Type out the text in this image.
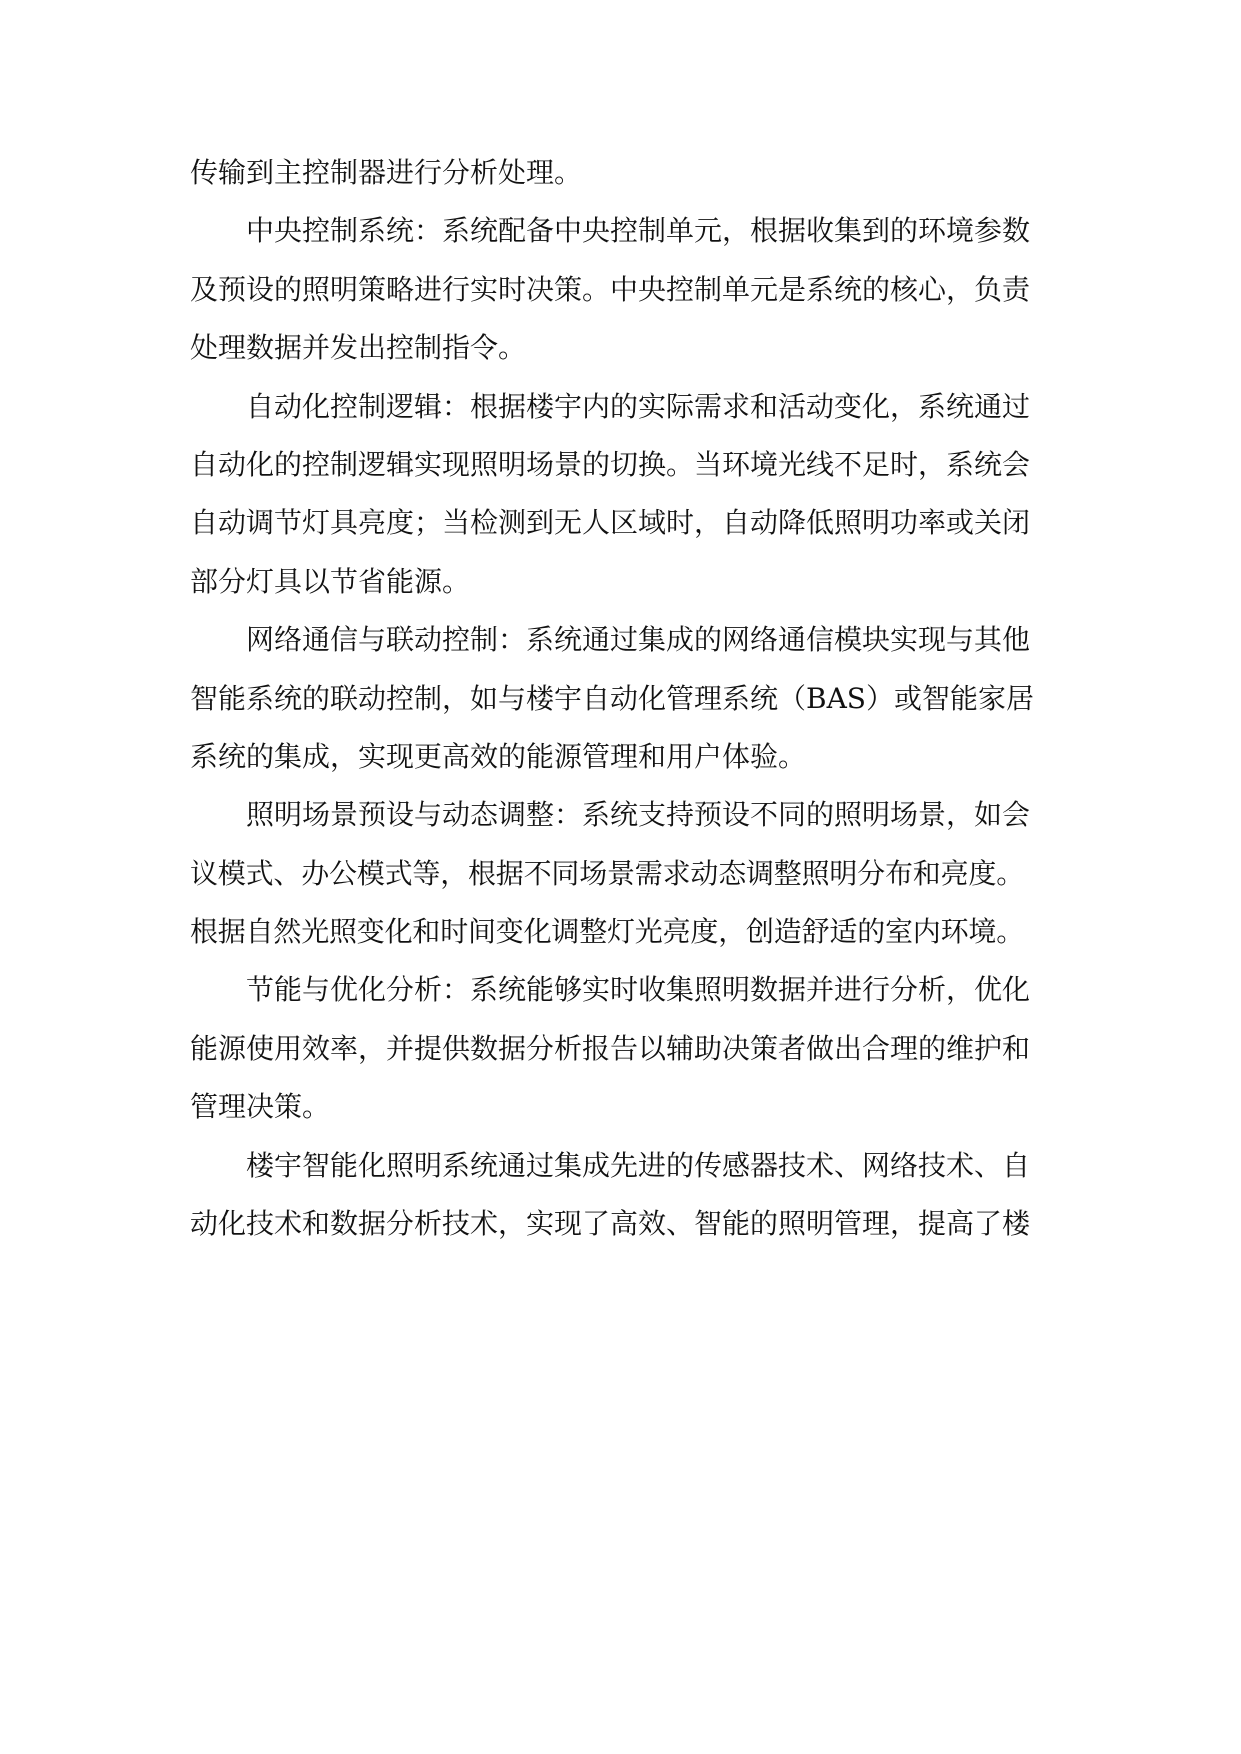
传输到主控制器进行分析处理。
中央控制系统：系统配备中央控制单元，根据收集到的环境参数
及预设的照明策略进行实时决策。中央控制单元是系统的核心，负责
处理数据并发出控制指令。
自动化控制逻辑：根据楼宇内的实际需求和活动变化，系统通过
自动化的控制逻辑实现照明场景的切换。当环境光线不足时，系统会
自动调节灯具亮度；当检测到无人区域时，自动降低照明功率或关闭
部分灯具以节省能源。
网络通信与联动控制：系统通过集成的网络通信模块实现与其他
智能系统的联动控制，如与楼宇自动化管理系统（BAS）或智能家居
系统的集成，实现更高效的能源管理和用户体验。
照明场景预设与动态调整：系统支持预设不同的照明场景，如会
议模式、办公模式等，根据不同场景需求动态调整照明分布和亮度。
根据自然光照变化和时间变化调整灯光亮度，创造舒适的室内环境。
节能与优化分析：系统能够实时收集照明数据并进行分析，优化
能源使用效率，并提供数据分析报告以辅助决策者做出合理的维护和
管理决策。
楼宇智能化照明系统通过集成先进的传感器技术、网络技术、自
动化技术和数据分析技术，实现了高效、智能的照明管理，提高了楼
